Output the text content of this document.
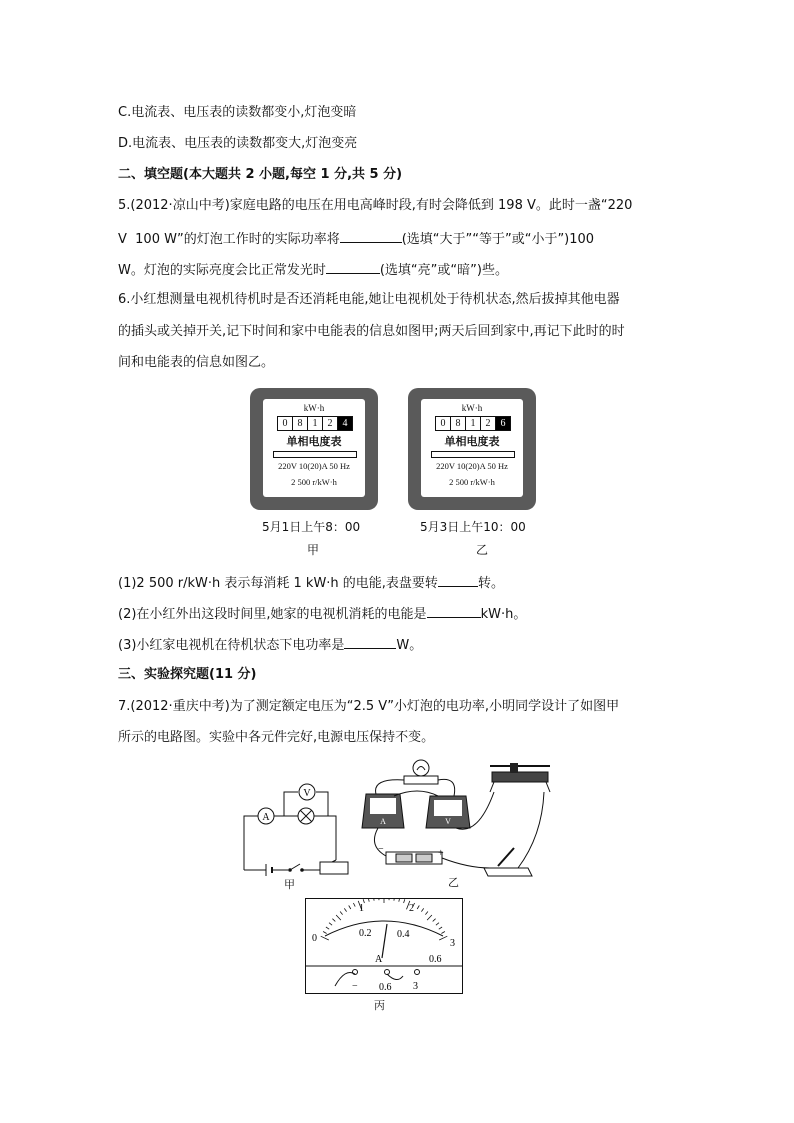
C.电流表、电压表的读数都变小,灯泡变暗
D.电流表、电压表的读数都变大,灯泡变亮
二、填空题(本大题共 2 小题,每空 1 分,共 5 分)
5.(2012·凉山中考)家庭电路的电压在用电高峰时段,有时会降低到 198 V。此时一盏“220
V  100 W”的灯泡工作时的实际功率将	(选填“大于”“等于”或“小于”)100
W。灯泡的实际亮度会比正常发光时	(选填“亮”或“暗”)些。
6.小红想测量电视机待机时是否还消耗电能,她让电视机处于待机状态,然后拔掉其他电器
的插头或关掉开关,记下时间和家中电能表的信息如图甲;两天后回到家中,再记下此时的时
间和电能表的信息如图乙。
kW·h
0	8	1	2	4
单相电度表
220V 10(20)A 50 Hz
2 500 r/kW·h
5月1日上午8：00
甲
kW·h
0	8	1	2	6
单相电度表
220V 10(20)A 50 Hz
2 500 r/kW·h
5月3日上午10：00
乙
(1)2 500 r/kW·h 表示每消耗 1 kW·h 的电能,表盘要转	转。
(2)在小红外出这段时间里,她家的电视机消耗的电能是	kW·h。
(3)小红家电视机在待机状态下电功率是	W。
三、实验探究题(11 分)
7.(2012·重庆中考)为了测定额定电压为“2.5 V”小灯泡的电功率,小明同学设计了如图甲
所示的电路图。实验中各元件完好,电源电压保持不变。
A
V
甲
A	V
−	+
乙
0
1	2
3
0.2	0.4
0.6
A
− 0.6 3
丙
